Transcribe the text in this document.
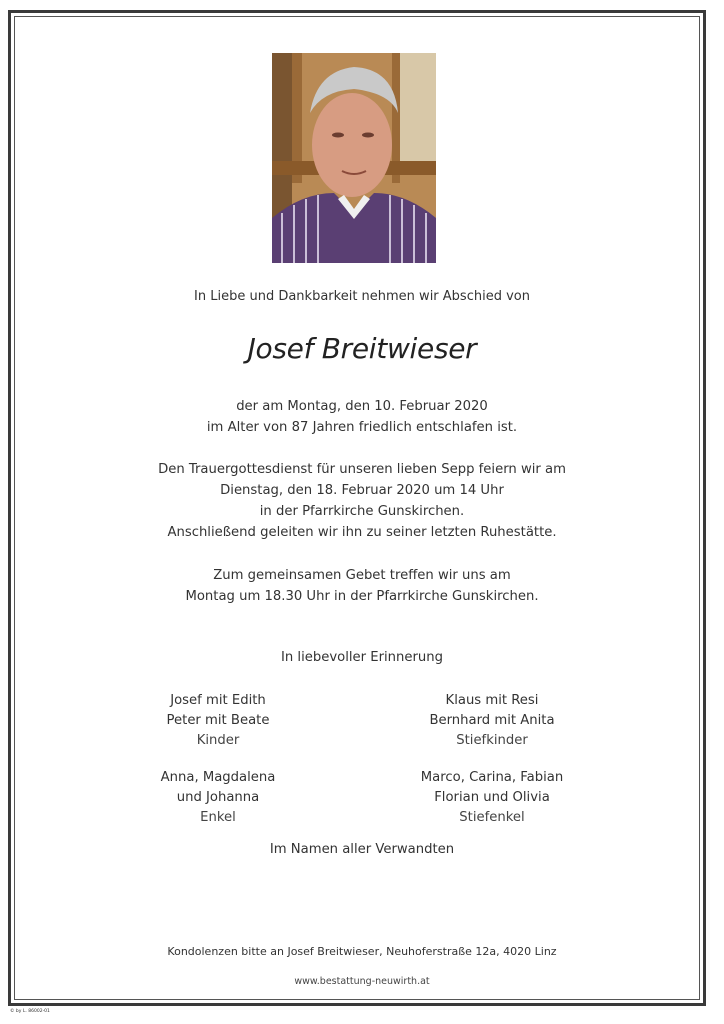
In Liebe und Dankbarkeit nehmen wir Abschied von
Josef Breitwieser
der am Montag, den 10. Februar 2020
im Alter von 87 Jahren friedlich entschlafen ist.
Den Trauergottesdienst für unseren lieben Sepp feiern wir am
Dienstag, den 18. Februar 2020 um 14 Uhr
in der Pfarrkirche Gunskirchen.
Anschließend geleiten wir ihn zu seiner letzten Ruhestätte.
Zum gemeinsamen Gebet treffen wir uns am
Montag um 18.30 Uhr in der Pfarrkirche Gunskirchen.
In liebevoller Erinnerung
Josef mit Edith
Peter mit Beate
Kinder
Klaus mit Resi
Bernhard mit Anita
Stiefkinder
Anna, Magdalena
und Johanna
Enkel
Marco, Carina, Fabian
Florian und Olivia
Stiefenkel
Im Namen aller Verwandten
Kondolenzen bitte an Josef Breitwieser, Neuhoferstraße 12a, 4020 Linz
www.bestattung-neuwirth.at
© by L. 86002-01
